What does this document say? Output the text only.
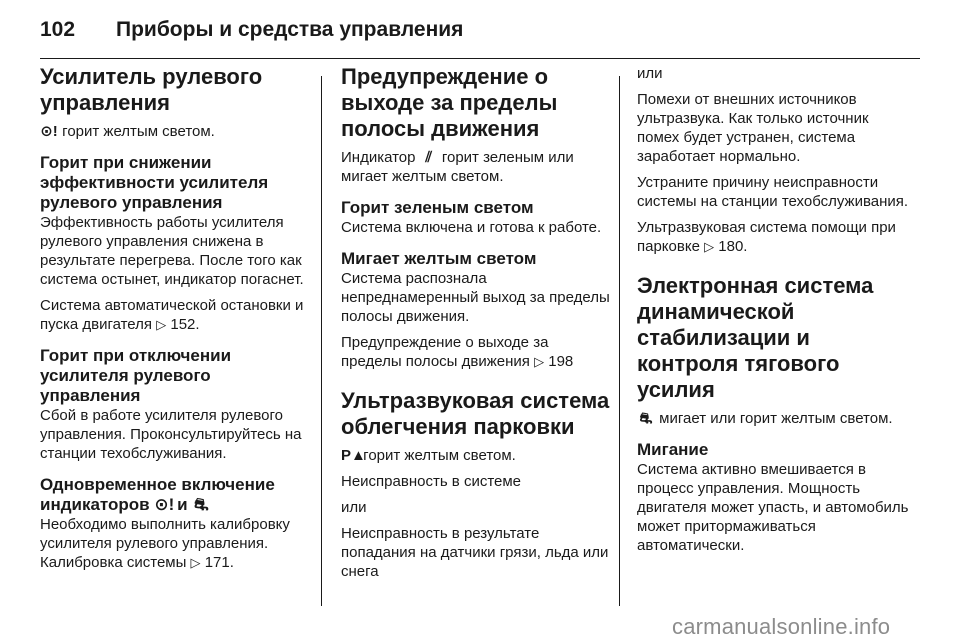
102	Приборы и средства управления
Усилитель рулевого управления

⊙! горит желтым светом.

Горит при снижении эффективности усилителя рулевого управления

Эффективность работы усилителя рулевого управления снижена в результате перегрева. После того как система остынет, индикатор погаснет.

Система автоматической остановки и пуска двигателя ▷ 152.

Горит при отключении усилителя рулевого управления

Сбой в работе усилителя рулевого управления. Проконсультируйтесь на станции техобслуживания.

Одновременное включение индикаторов ⊙! и ⛐

Необходимо выполнить калибровку усилителя рулевого управления. Калибровка системы ▷ 171.

Предупреждение о выходе за пределы полосы движения

Индикатор ⫽ горит зеленым или мигает желтым светом.

Горит зеленым светом

Система включена и готова к работе.

Мигает желтым светом

Система распознала непреднамеренный выход за пределы полосы движения.

Предупреждение о выходе за пределы полосы движения ▷ 198

Ультразвуковая система облегчения парковки

P▲ горит желтым светом.

Неисправность в системе

или

Неисправность в результате попадания на датчики грязи, льда или снега

или

Помехи от внешних источников ультразвука. Как только источник помех будет устранен, система заработает нормально.

Устраните причину неисправности системы на станции техобслуживания.

Ультразвуковая система помощи при парковке ▷ 180.

Электронная система динамической стабилизации и контроля тягового усилия

⛐ мигает или горит желтым светом.

Мигание

Система активно вмешивается в процесс управления. Мощность двигателя может упасть, и автомобиль может притормаживаться автоматически.

carmanualsonline.info
